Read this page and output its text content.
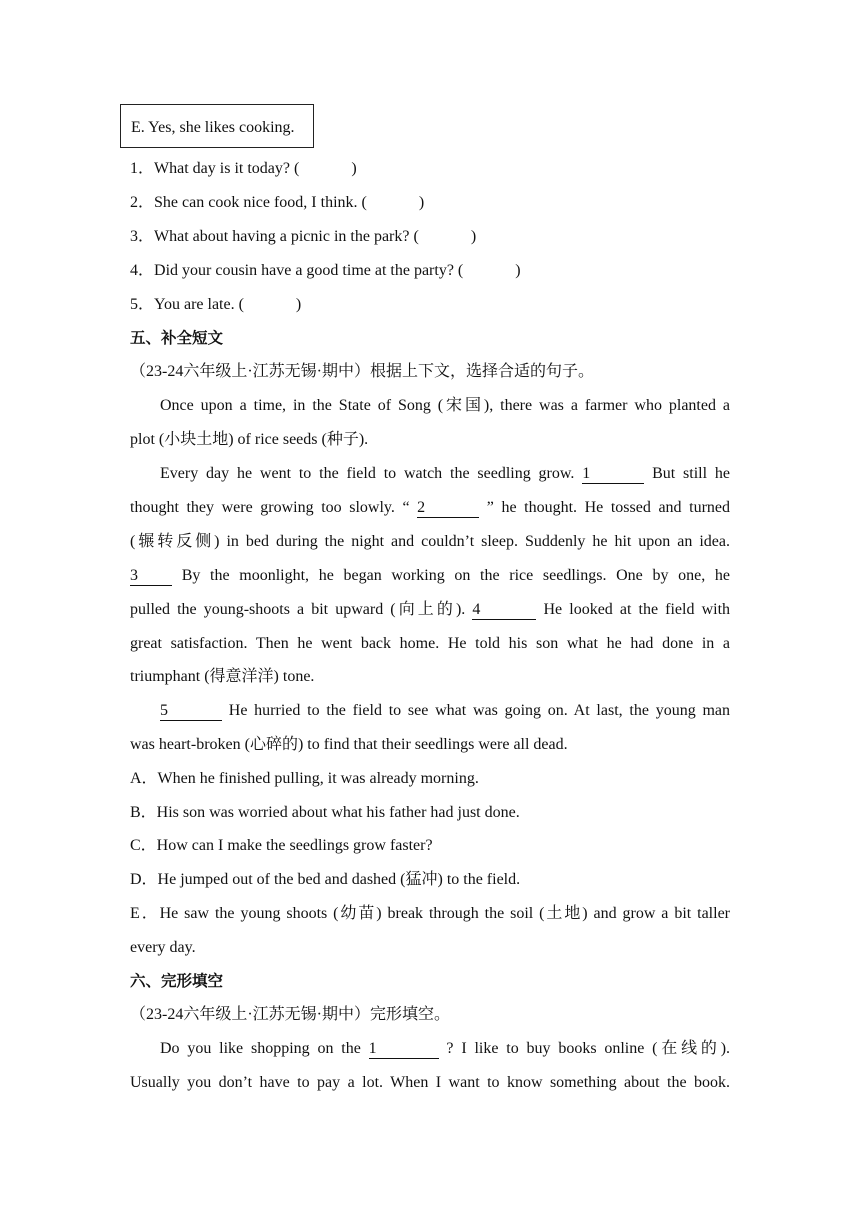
E. Yes, she likes cooking.
1．What day is it today? (	)
2．She can cook nice food, I think. (	)
3．What about having a picnic in the park? (	)
4．Did your cousin have a good time at the party? (	)
5．You are late. (	)
五、补全短文
（23-24六年级上·江苏无锡·期中）根据上下文，选择合适的句子。
Once upon a time, in the State of Song (宋国), there was a farmer who planted a
plot (小块土地) of rice seeds (种子).
Every day he went to the field to watch the seedling grow. 1	But still he
thought they were growing too slowly. “ 2	” he thought. He tossed and turned
(辗转反侧) in bed during the night and couldn’t sleep. Suddenly he hit upon an idea.
3	By the moonlight, he began working on the rice seedlings. One by one, he
pulled the young-shoots a bit upward (向上的). 4	He looked at the field with
great satisfaction. Then he went back home. He told his son what he had done in a
triumphant (得意洋洋) tone.
5	He hurried to the field to see what was going on. At last, the young man
was heart-broken (心碎的) to find that their seedlings were all dead.
A．When he finished pulling, it was already morning.
B．His son was worried about what his father had just done.
C．How can I make the seedlings grow faster?
D．He jumped out of the bed and dashed (猛冲) to the field.
E．He saw the young shoots (幼苗) break through the soil (土地) and grow a bit taller
every day.
六、完形填空
（23-24六年级上·江苏无锡·期中）完形填空。
Do you like shopping on the 1	? I like to buy books online (在线的).
Usually you don’t have to pay a lot. When I want to know something about the book.
